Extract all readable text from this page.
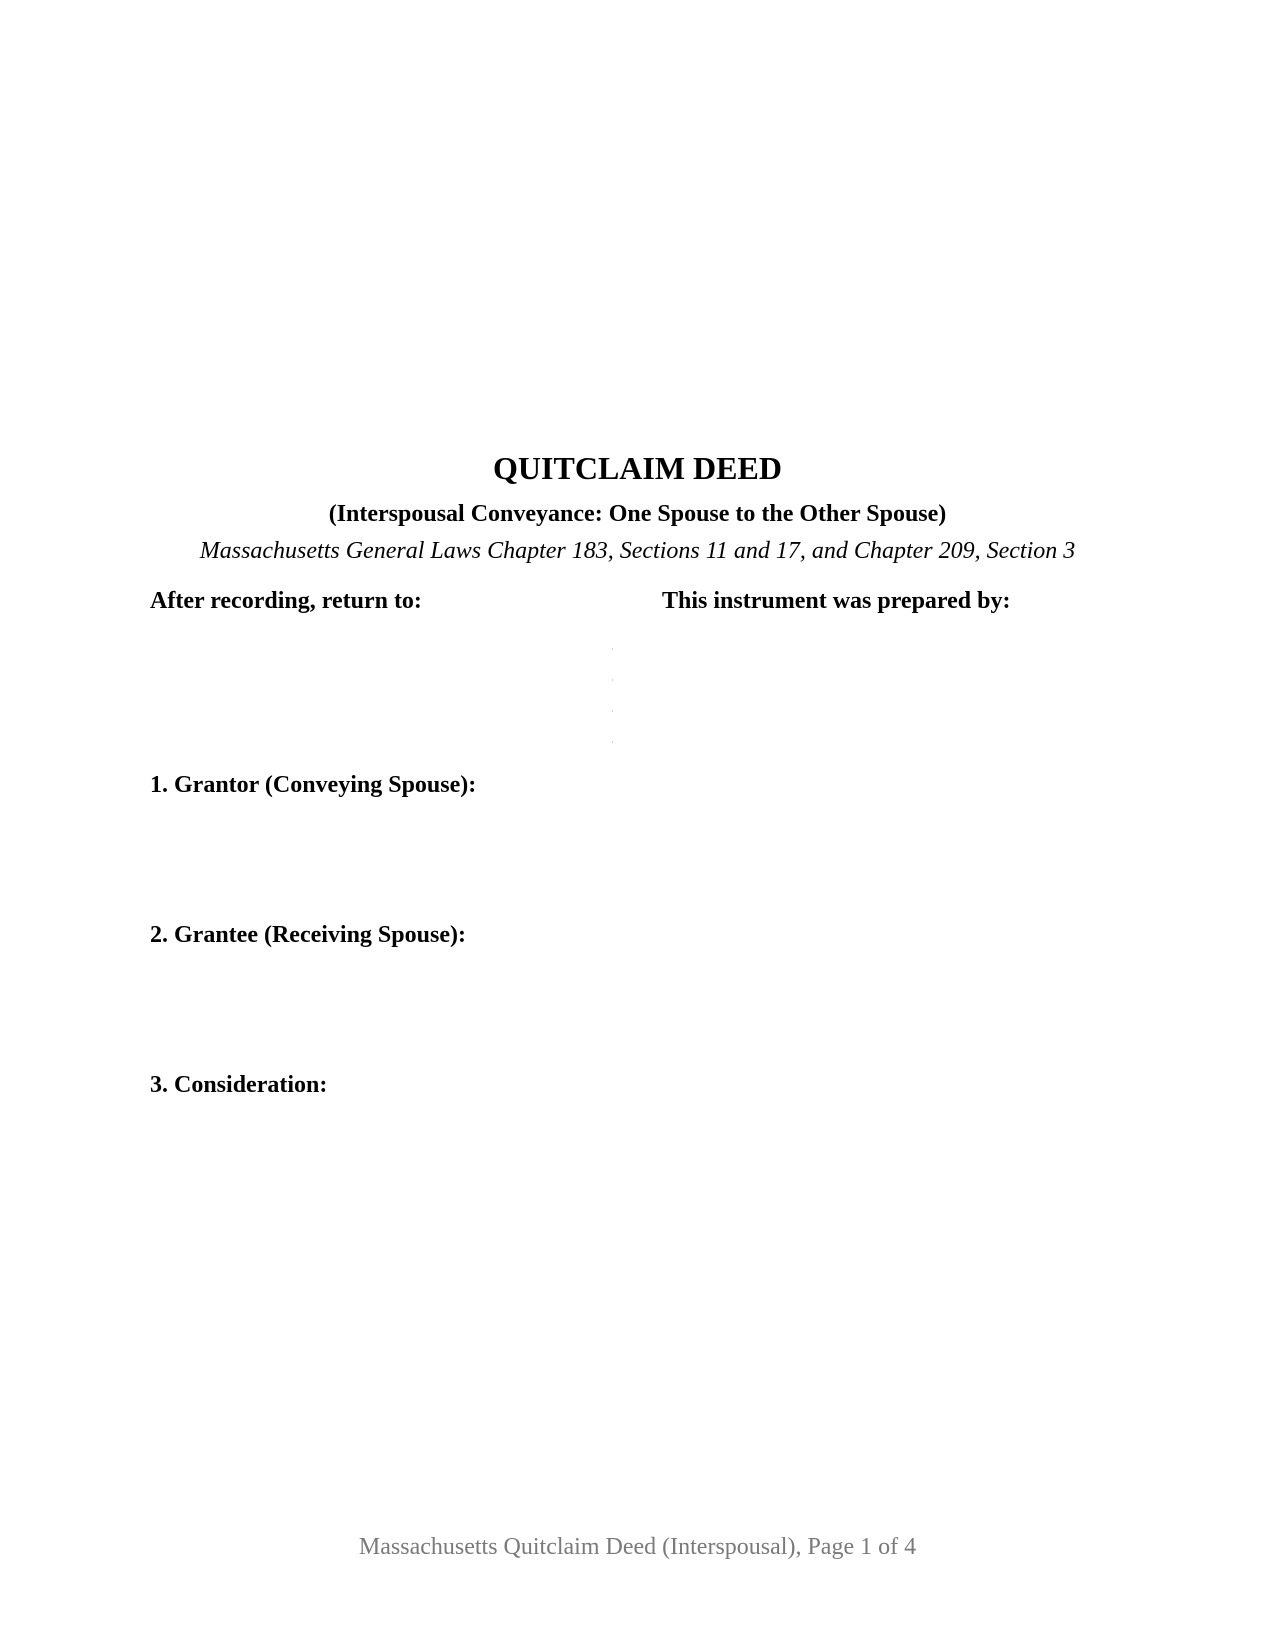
QUITCLAIM DEED
(Interspousal Conveyance: One Spouse to the Other Spouse)
Massachusetts General Laws Chapter 183, Sections 11 and 17, and Chapter 209, Section 3
After recording, return to:	This instrument was prepared by:
1. Grantor (Conveying Spouse):
2. Grantee (Receiving Spouse):
3. Consideration:
Massachusetts Quitclaim Deed (Interspousal), Page 1 of 4
